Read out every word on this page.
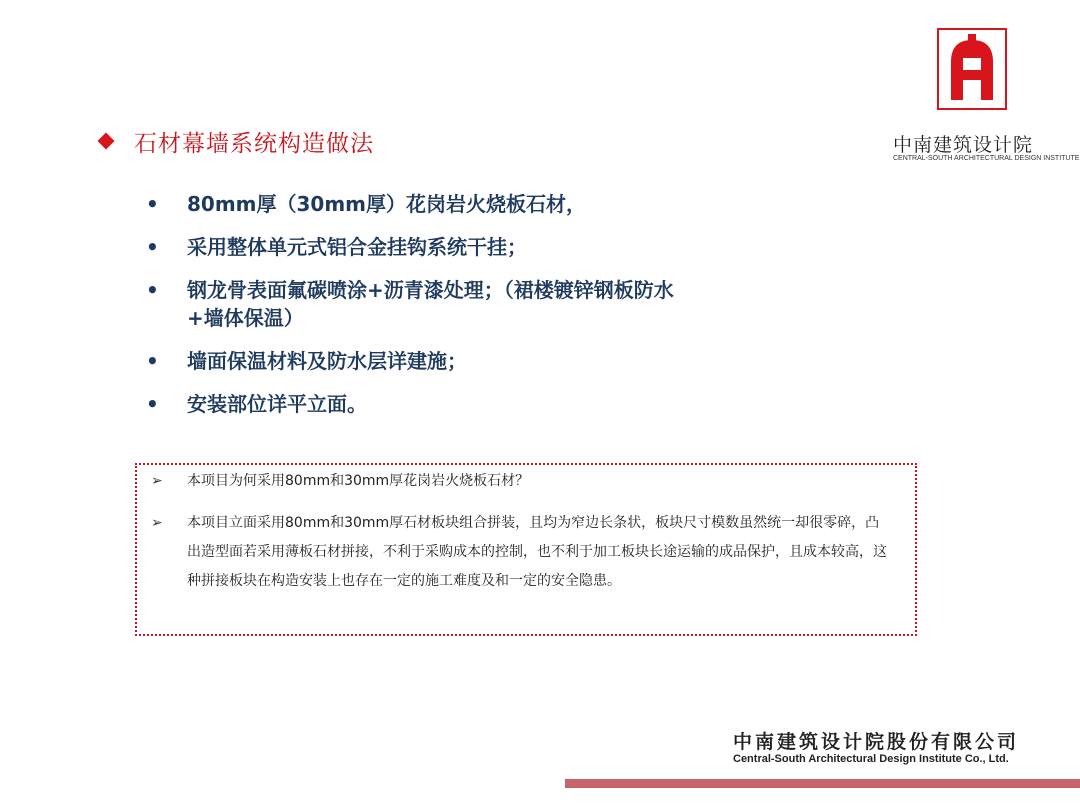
中南建筑设计院
CENTRAL-SOUTH ARCHITECTURAL DESIGN INSTITUTE
石材幕墙系统构造做法
• 80mm厚（30mm厚）花岗岩火烧板石材，
• 采用整体单元式铝合金挂钩系统干挂；
• 钢龙骨表面氟碳喷涂+沥青漆处理；（裙楼镀锌钢板防水+墙体保温）
• 墙面保温材料及防水层详建施；
• 安装部位详平立面。
➢ 本项目为何采用80mm和30mm厚花岗岩火烧板石材？
➢ 本项目立面采用80mm和30mm厚石材板块组合拼装，且均为窄边长条状，板块尺寸模数虽然统一却很零碎，凸出造型面若采用薄板石材拼接，不利于采购成本的控制，也不利于加工板块长途运输的成品保护，且成本较高，这种拼接板块在构造安装上也存在一定的施工难度及和一定的安全隐患。
中南建筑设计院股份有限公司
Central-South Architectural Design Institute Co., Ltd.
